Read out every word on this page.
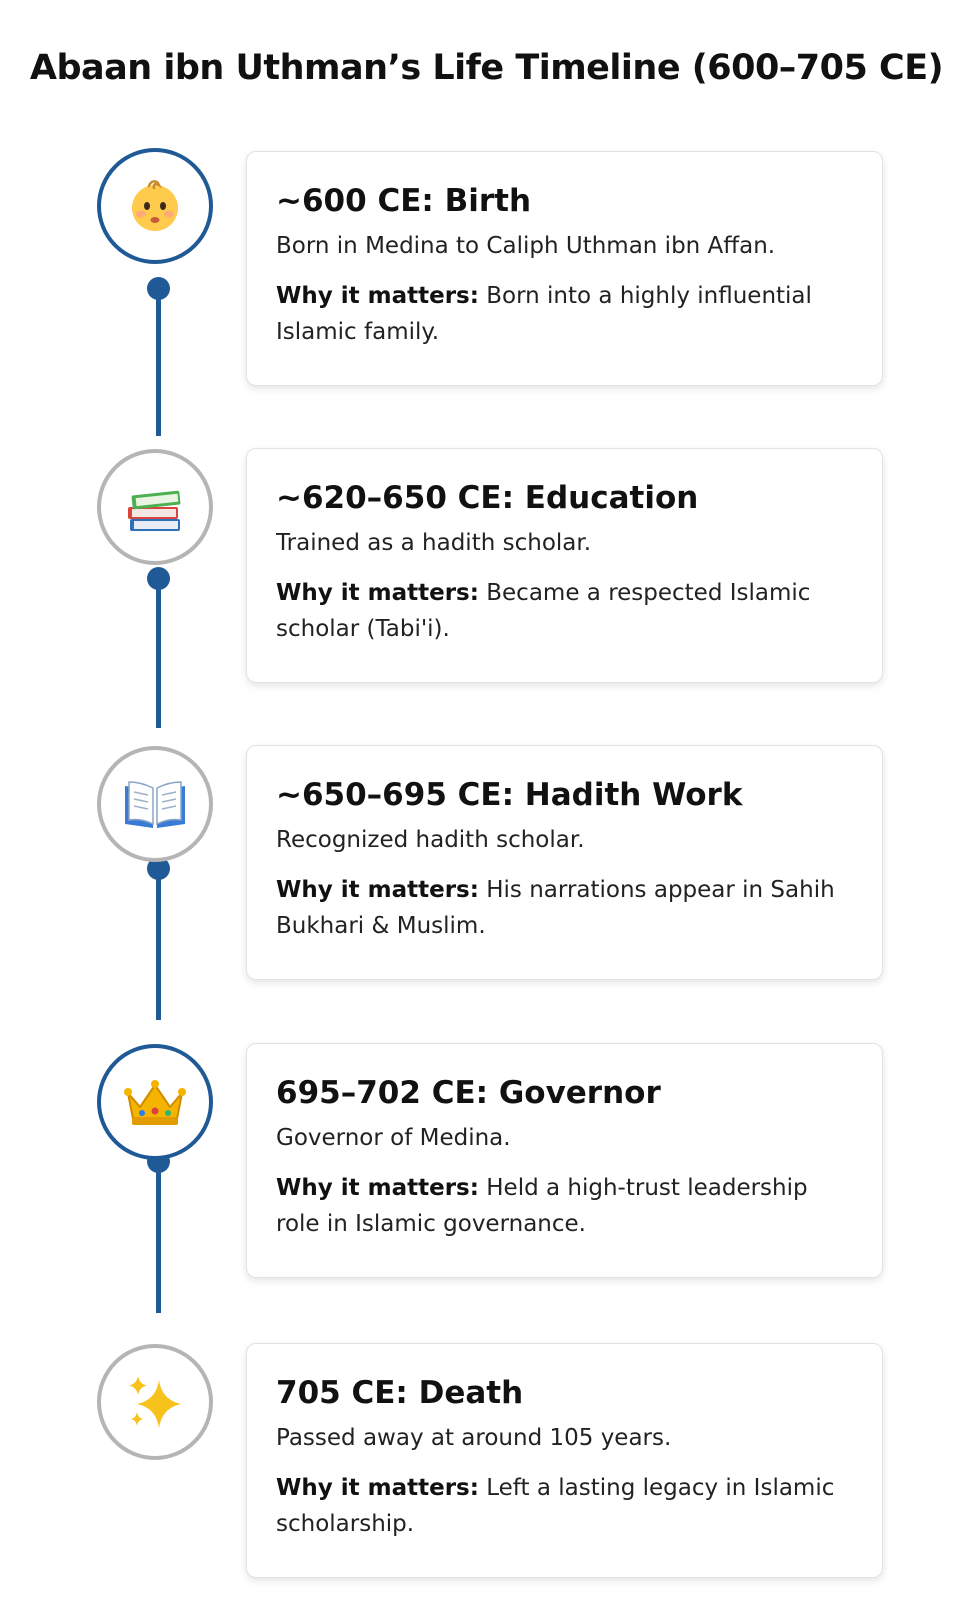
Abaan ibn Uthman’s Life Timeline (600–705 CE)
~600 CE: Birth

Born in Medina to Caliph Uthman ibn Affan.

Why it matters: Born into a highly influential Islamic family.

~620–650 CE: Education

Trained as a hadith scholar.

Why it matters: Became a respected Islamic scholar (Tabi'i).

~650–695 CE: Hadith Work

Recognized hadith scholar.

Why it matters: His narrations appear in Sahih Bukhari & Muslim.

695–702 CE: Governor

Governor of Medina.

Why it matters: Held a high-trust leadership role in Islamic governance.

705 CE: Death

Passed away at around 105 years.

Why it matters: Left a lasting legacy in Islamic scholarship.
